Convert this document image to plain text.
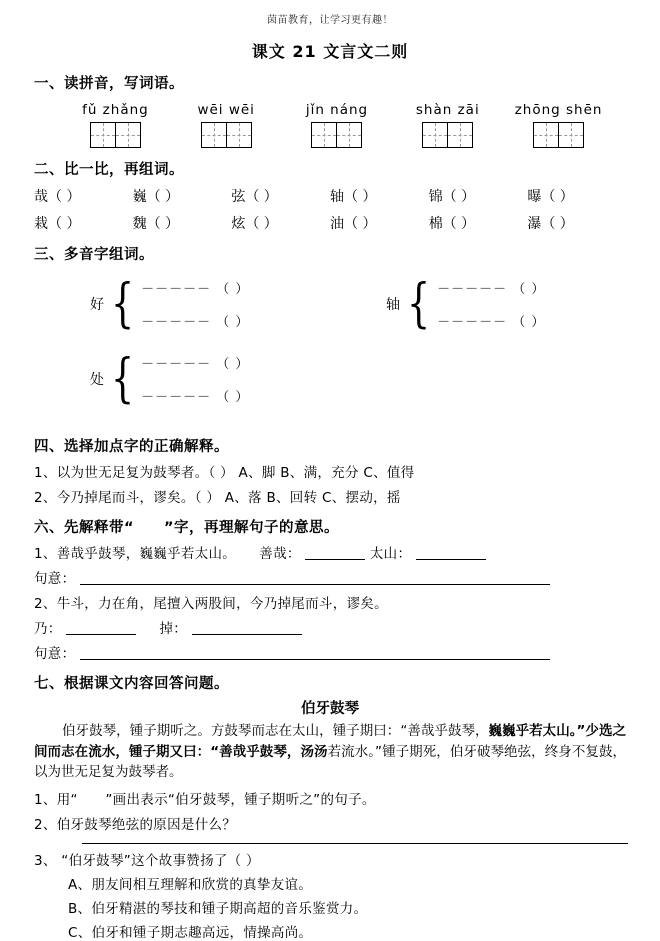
茵苗教育，让学习更有趣！
课文 21 文言文二则
一、读拼音，写词语。
fǔ zhǎng	wēi wēi	jǐn náng	shàn zāi	zhōng shēn
二、比一比，再组词。
哉（ ）	巍（ ）	弦（ ）	轴（ ）	锦（ ）	曝（ ）
栽（ ）	魏（ ）	炫（ ）	油（ ）	棉（ ）	瀑（ ）
三、多音字组词。
好 { －－－－－ （ ）
－－－－－ （ ）
轴 { －－－－－ （ ）
－－－－－ （ ）
处 { －－－－－ （ ）
－－－－－ （ ）
四、选择加点字的正确解释。
1、以为世无足复为鼓琴者。（ ） A、脚 B、满，充分 C、值得
2、今乃掉尾而斗，谬矣。（ ） A、落 B、回转 C、摆动，摇
六、先解释带“　　”字，再理解句子的意思。
1、善哉乎鼓琴，巍巍乎若太山。 善哉：	太山：
句意：
2、牛斗，力在角，尾擅入两股间，今乃掉尾而斗，谬矣。
乃：	掉：
句意：
七、根据课文内容回答问题。
伯牙鼓琴
伯牙鼓琴，锺子期听之。方鼓琴而志在太山，锺子期曰：“善哉乎鼓琴，巍巍乎若太山。”少选之间而志在流水，锺子期又曰：“善哉乎鼓琴，汤汤若流水。”锺子期死，伯牙破琴绝弦，终身不复鼓，以为世无足复为鼓琴者。
1、用“　　”画出表示“伯牙鼓琴，锺子期听之”的句子。
2、伯牙鼓琴绝弦的原因是什么？
3、 “伯牙鼓琴”这个故事赞扬了（ ）
A、朋友间相互理解和欣赏的真挚友谊。
B、伯牙精湛的琴技和锺子期高超的音乐鉴赏力。
C、伯牙和锺子期志趣高远，情操高尚。
